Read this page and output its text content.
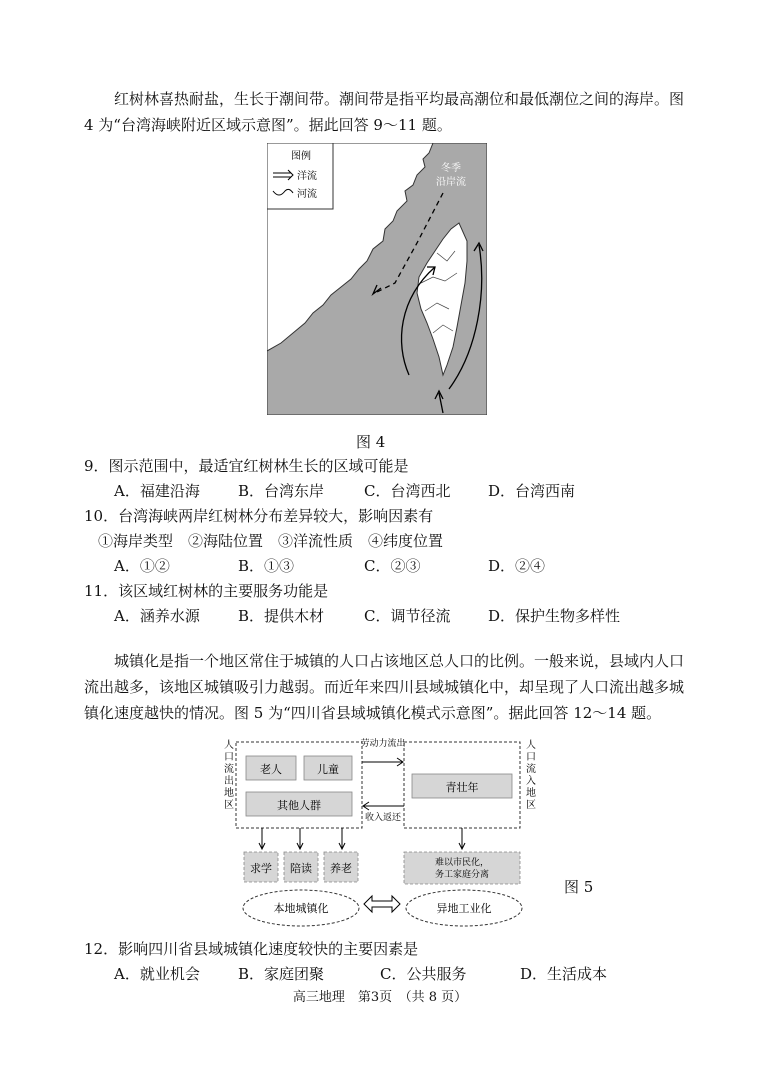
红树林喜热耐盐，生长于潮间带。潮间带是指平均最高潮位和最低潮位之间的海岸。图 4 为“台湾海峡附近区域示意图”。据此回答 9～11 题。

图例
洋流
河流
冬季
沿岸流
图 4
9．图示范围中，最适宜红树林生长的区域可能是
A．福建沿海	B．台湾东岸	C．台湾西北	D．台湾西南
10．台湾海峡两岸红树林分布差异较大，影响因素有
①海岸类型　②海陆位置　③洋流性质　④纬度位置
A．①②	B．①③	C．②③	D．②④
11．该区域红树林的主要服务功能是
A．涵养水源	B．提供木材	C．调节径流	D．保护生物多样性

城镇化是指一个地区常住于城镇的人口占该地区总人口的比例。一般来说，县域内人口流出越多，该地区城镇吸引力越弱。而近年来四川县域城镇化中，却呈现了人口流出越多城镇化速度越快的情况。图 5 为“四川省县域城镇化模式示意图”。据此回答 12～14 题。

人口流出地区
人口流入地区
老人	儿童
其他人群
青壮年
劳动力流出
收入返还
求学 陪读 养老	难以市民化，务工家庭分离
本地城镇化	异地工业化
图 5
12．影响四川省县域城镇化速度较快的主要因素是
A．就业机会	B．家庭团聚	C．公共服务	D．生活成本
高三地理　第3页　（共 8 页）
